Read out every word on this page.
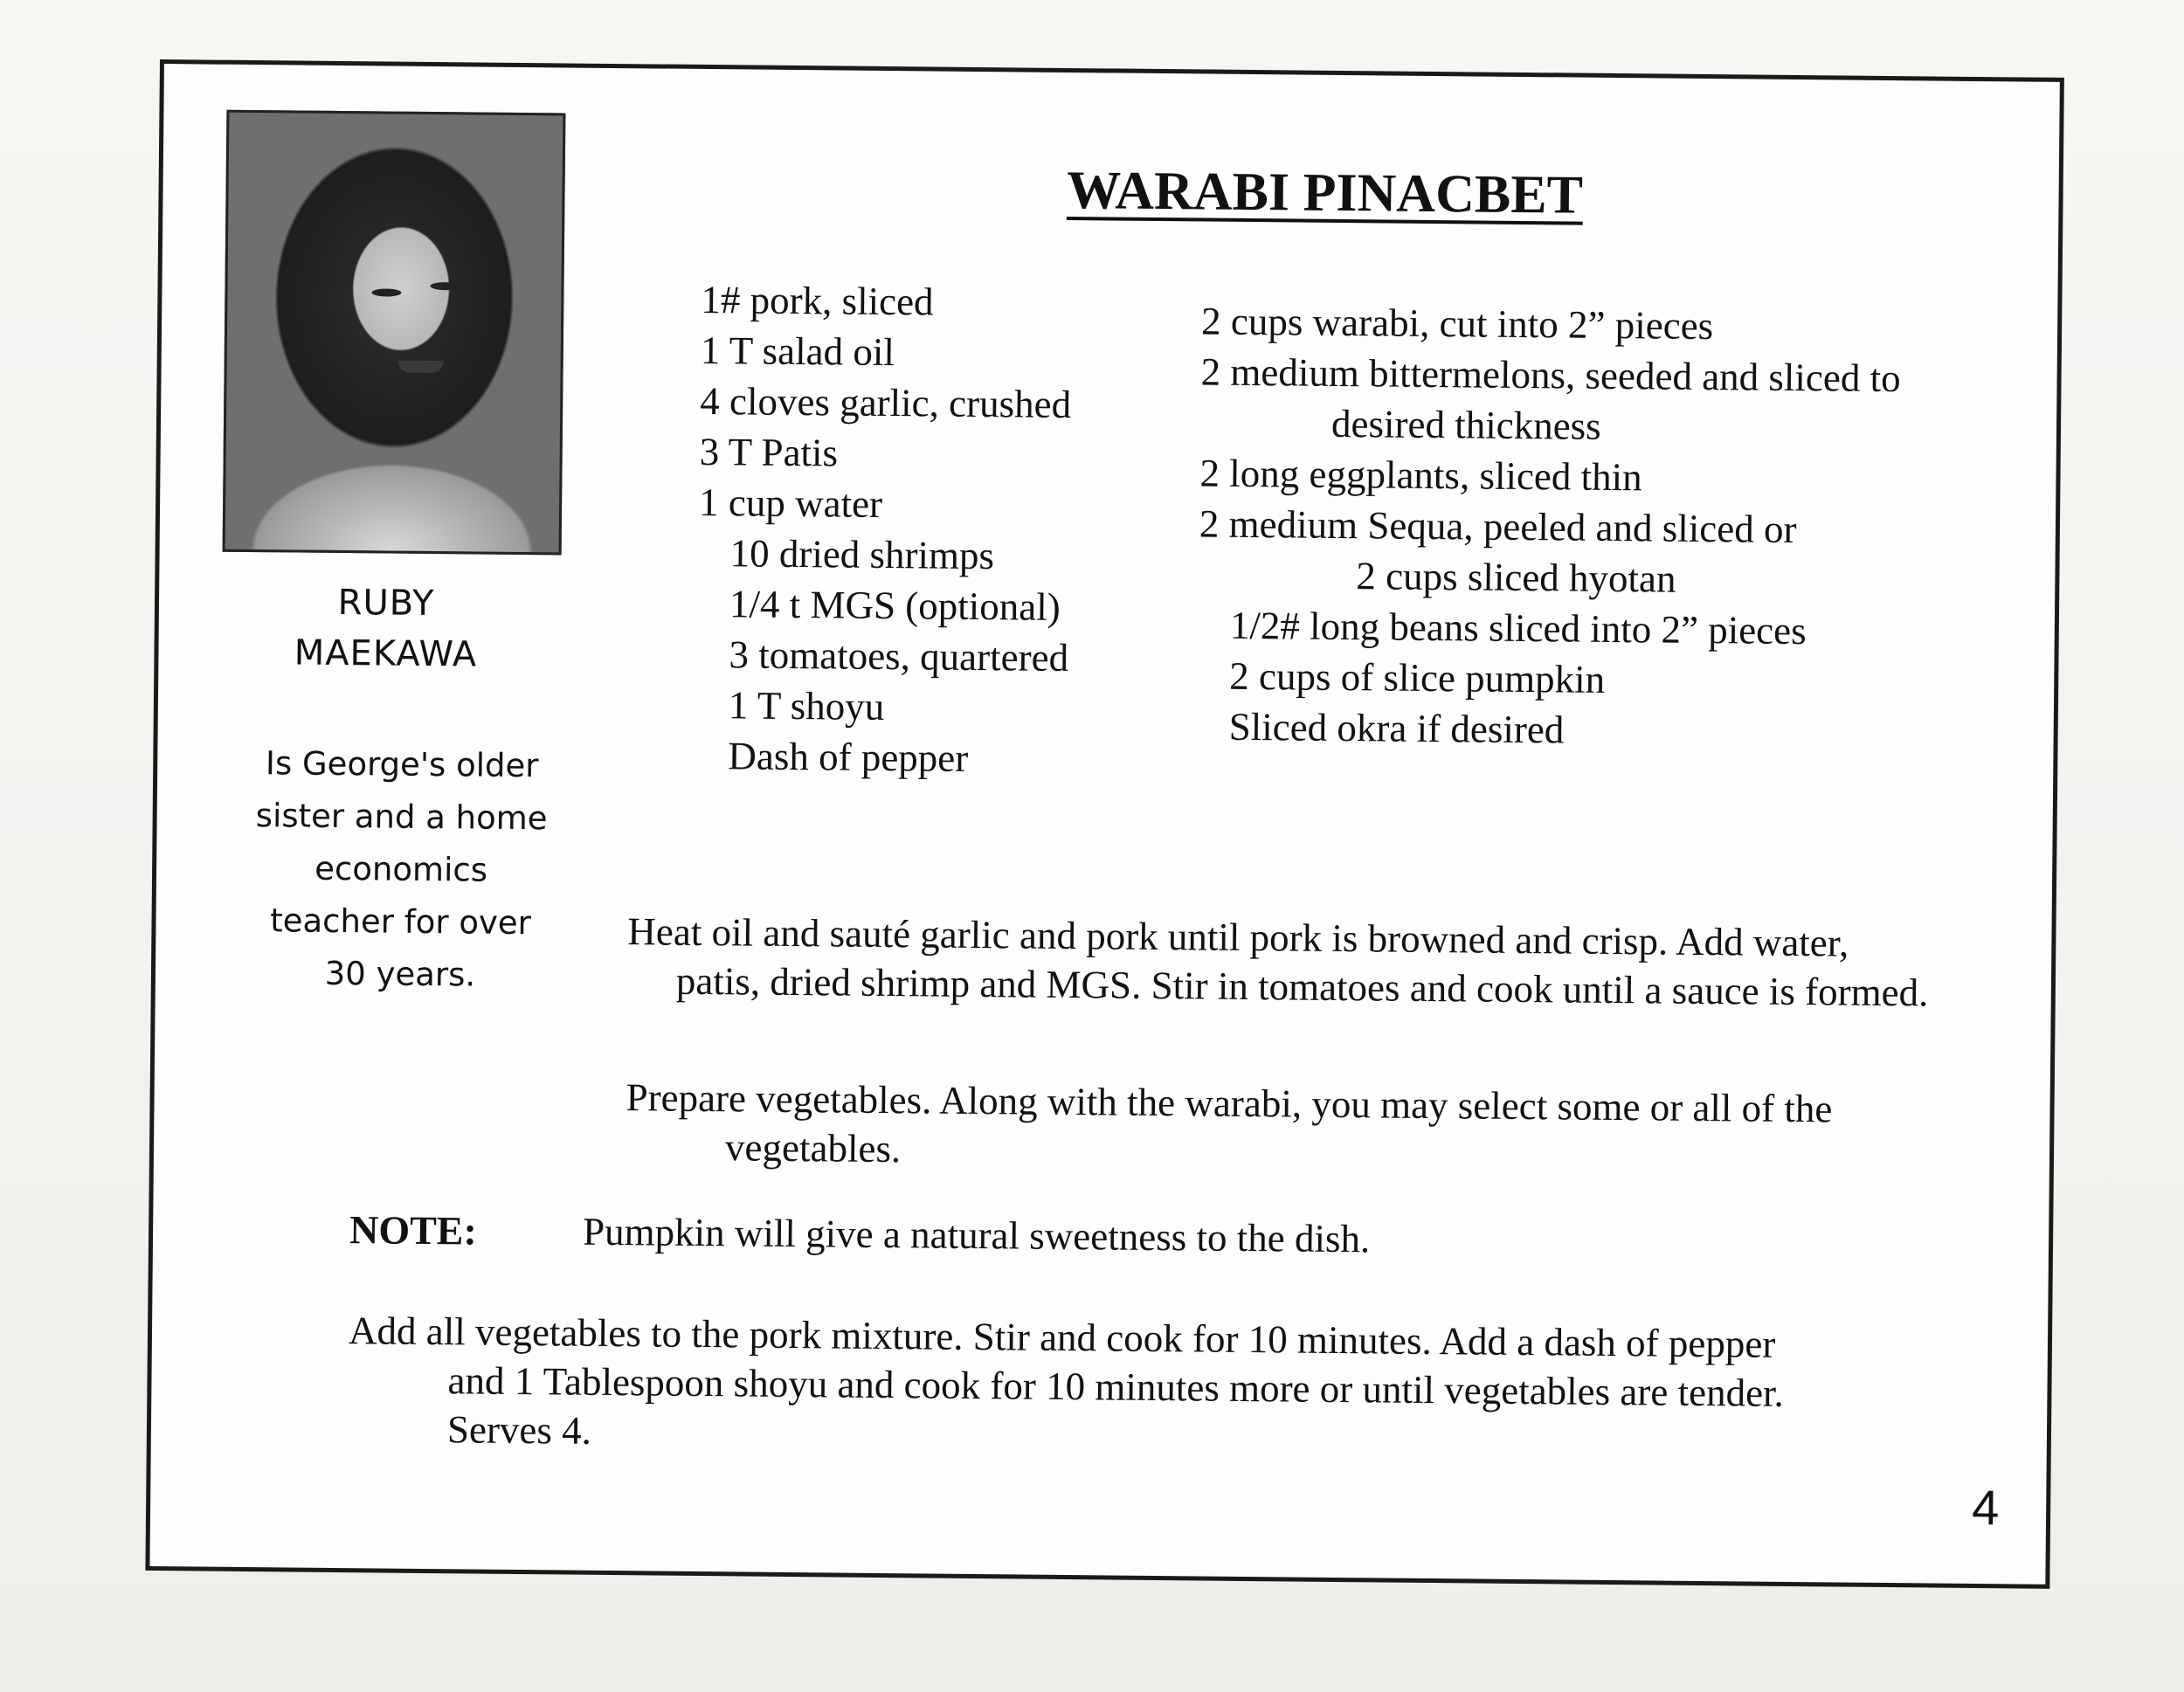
RUBY
MAEKAWA
Is George's older
sister and a home
economics
teacher for over
30 years.
WARABI PINACBET
1# pork, sliced
1 T salad oil
4 cloves garlic, crushed
3 T Patis
1 cup water
10 dried shrimps
1/4 t MGS (optional)
3 tomatoes, quartered
1 T shoyu
Dash of pepper
2 cups warabi, cut into 2” pieces
2 medium bittermelons, seeded and sliced to
desired thickness
2 long eggplants, sliced thin
2 medium Sequa, peeled and sliced or
2 cups sliced hyotan
1/2# long beans sliced into 2” pieces
2 cups of slice pumpkin
Sliced okra if desired
Heat oil and sauté garlic and pork until pork is browned and crisp. Add water,
patis, dried shrimp and MGS. Stir in tomatoes and cook until a sauce is formed.
Prepare vegetables. Along with the warabi, you may select some or all of the
vegetables.
NOTE:	Pumpkin will give a natural sweetness to the dish.
Add all vegetables to the pork mixture. Stir and cook for 10 minutes. Add a dash of pepper
and 1 Tablespoon shoyu and cook for 10 minutes more or until vegetables are tender.
Serves 4.
4
